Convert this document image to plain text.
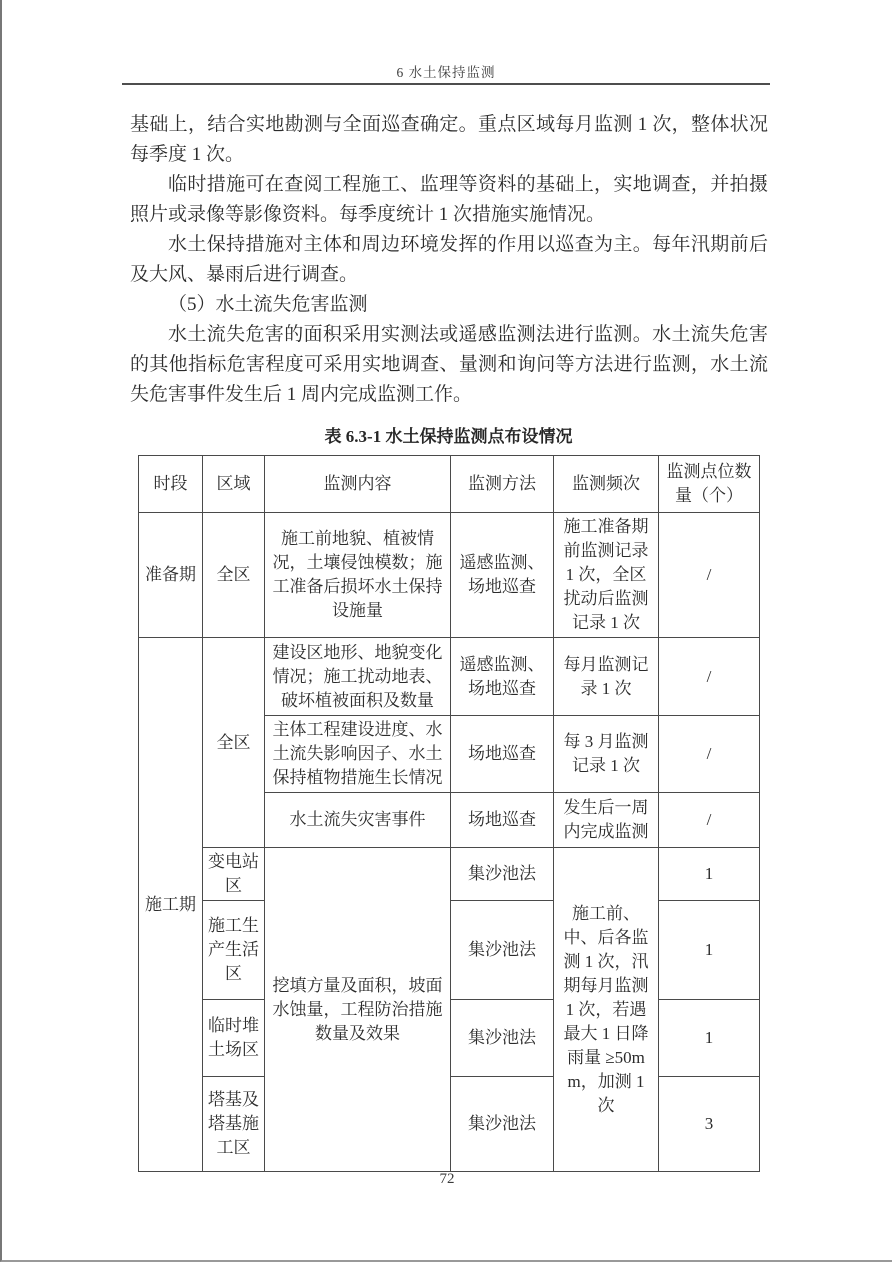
6 水土保持监测

基础上，结合实地勘测与全面巡查确定。重点区域每月监测 1 次，整体状况每季度 1 次。

临时措施可在查阅工程施工、监理等资料的基础上，实地调查，并拍摄照片或录像等影像资料。每季度统计 1 次措施实施情况。

水土保持措施对主体和周边环境发挥的作用以巡查为主。每年汛期前后及大风、暴雨后进行调查。

（5）水土流失危害监测

水土流失危害的面积采用实测法或遥感监测法进行监测。水土流失危害的其他指标危害程度可采用实地调查、量测和询问等方法进行监测，水土流失危害事件发生后 1 周内完成监测工作。

表 6.3-1 水土保持监测点布设情况
时段	区域	监测内容	监测方法	监测频次	监测点位数量（个）
准备期	全区	施工前地貌、植被情况，土壤侵蚀模数；施工准备后损坏水土保持设施量	遥感监测、场地巡查	施工准备期前监测记录 1 次，全区扰动后监测记录 1 次	/
施工期	全区	建设区地形、地貌变化情况；施工扰动地表、破坏植被面积及数量	遥感监测、场地巡查	每月监测记录 1 次	/
		主体工程建设进度、水土流失影响因子、水土保持植物措施生长情况	场地巡查	每 3 月监测记录 1 次	/
		水土流失灾害事件	场地巡查	发生后一周内完成监测	/
	变电站区	挖填方量及面积，坡面水蚀量，工程防治措施数量及效果	集沙池法	施工前、中、后各监测 1 次，汛期每月监测 1 次，若遇最大 1 日降雨量 ≥50mm，加测 1 次	1
	施工生产生活区		集沙池法		1
	临时堆土场区		集沙池法		1
	塔基及塔基施工区		集沙池法		3
72
